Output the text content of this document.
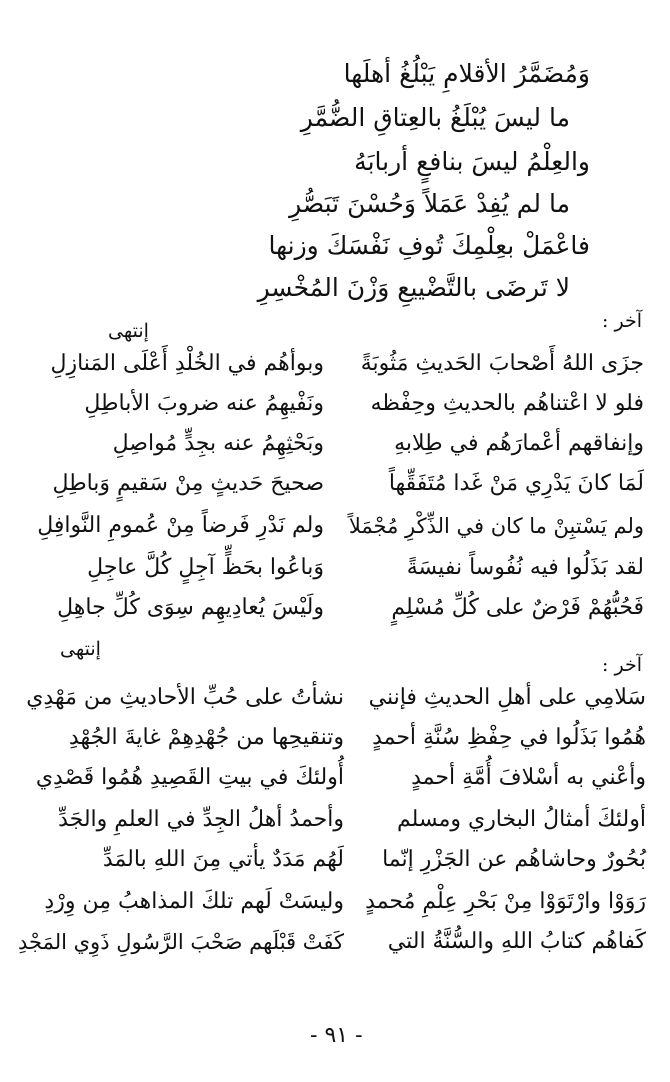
وَمُضَمَّرُ الأقلامِ يَبْلُغُ أهلَها
ما ليسَ يُبْلَغُ بالعِتاقِ الضُّمَّرِ
والعِلْمُ ليسَ بنافعٍ أربابَهُ
ما لم يُفِدْ عَمَلاً وَحُسْنَ تَبَصُّرِ
فاعْمَلْ بعِلْمِكَ تُوفِ نَفْسَكَ وزنها
لا تَرضَى بالتَّضْييعِ وَزْنَ المُخْسِرِ
آخر :
إنتهى
جزَى اللهُ أَصْحابَ الحَديثِ مَثُوبَةً
فلو لا اعْتناهُم بالحديثِ وحِفْظه
وإنفاقهم أعْمارَهُم في طِلابهِ
لَمَا كانَ يَدْرِي مَنْ غَدا مُتَفَقِّهاً
ولم يَسْتبِنْ ما كان في الذِّكْرِ مُجْمَلاً
لقد بَذَلُوا فيه نُفُوساً نفيسَةً
فَحُبُّهُمْ فَرْضٌ على كُلِّ مُسْلِمٍ
وبوأهُم في الخُلْدِ أَعْلَى المَنازِلِ
ونَفْيهِمُ عنه ضروبَ الأباطِلِ
وبَحْثِهِمُ عنه بجِدٍّ مُواصِلِ
صحيحَ حَديثٍ مِنْ سَقيمٍ وَباطِلِ
ولم نَدْرِ فَرضاً مِنْ عُمومِ النَّوافِلِ
وَباعُوا بحَظٍّ آجِلٍ كُلَّ عاجِلِ
ولَيْسَ يُعادِيهِم سِوَى كُلِّ جاهِلِ
إنتهى
آخر :
سَلامِي على أهلِ الحديثِ فإنني
هُمُوا بَذَلُوا في حِفْظِ سُنَّةِ أحمدٍ
وأعْني به أسْلافَ أُمَّةِ أحمدٍ
أولئكَ أمثالُ البخاري ومسلم
بُحُورٌ وحاشاهُم عن الجَزْرِ إنّما
رَوَوْا وارْتَوَوْا مِنْ بَحْرِ عِلْمِ مُحمدٍ
كَفاهُم كتابُ اللهِ والسُّنَّةُ التي
نشأتُ على حُبِّ الأحاديثِ من مَهْدِي
وتنقيحِها من جُهْدِهِمْ غايةَ الجُهْدِ
أُولئكَ في بيتِ القَصِيدِ هُمُوا قَصْدِي
وأحمدُ أهلُ الجِدِّ في العلمِ والجَدِّ
لَهُم مَدَدٌ يأتي مِنَ اللهِ بالمَدِّ
وليسَتْ لَهم تلكَ المذاهبُ مِن وِرْدِ
كَفَتْ قَبْلَهم صَحْبَ الرَّسُولِ ذَوِي المَجْدِ
- ٩١ -
